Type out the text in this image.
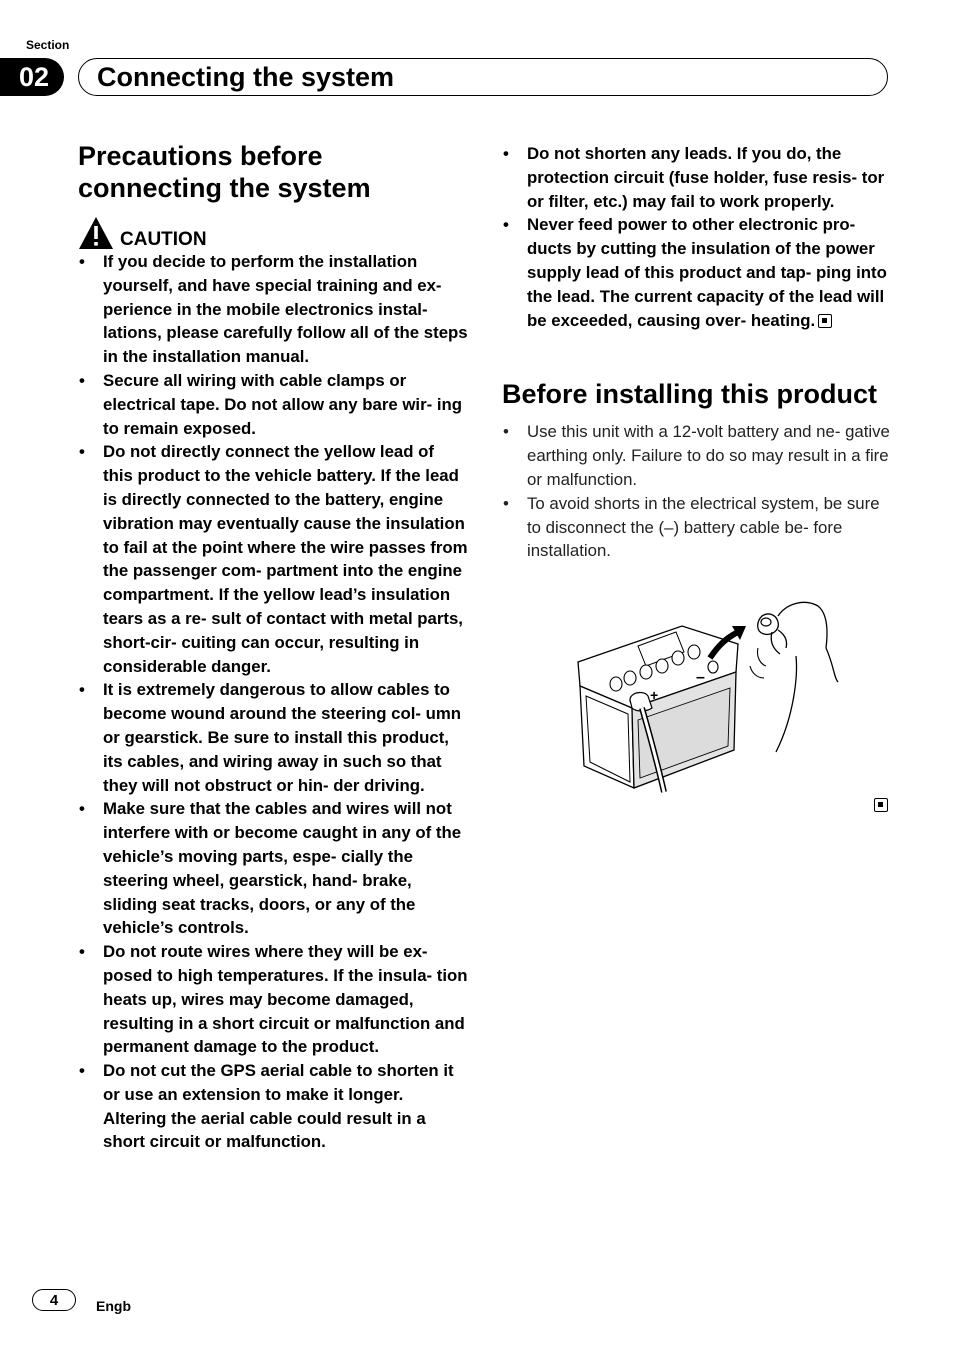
Section
02	Connecting the system
Precautions before
connecting the system
CAUTION
• If you decide to perform the installation yourself, and have special training and ex- perience in the mobile electronics instal- lations, please carefully follow all of the steps in the installation manual.
• Secure all wiring with cable clamps or electrical tape. Do not allow any bare wir- ing to remain exposed.
• Do not directly connect the yellow lead of this product to the vehicle battery. If the lead is directly connected to the battery, engine vibration may eventually cause the insulation to fail at the point where the wire passes from the passenger com- partment into the engine compartment. If the yellow lead’s insulation tears as a re- sult of contact with metal parts, short-cir- cuiting can occur, resulting in considerable danger.
• It is extremely dangerous to allow cables to become wound around the steering col- umn or gearstick. Be sure to install this product, its cables, and wiring away in such so that they will not obstruct or hin- der driving.
• Make sure that the cables and wires will not interfere with or become caught in any of the vehicle’s moving parts, espe- cially the steering wheel, gearstick, hand- brake, sliding seat tracks, doors, or any of the vehicle’s controls.
• Do not route wires where they will be ex- posed to high temperatures. If the insula- tion heats up, wires may become damaged, resulting in a short circuit or malfunction and permanent damage to the product.
• Do not cut the GPS aerial cable to shorten it or use an extension to make it longer. Altering the aerial cable could result in a short circuit or malfunction.
• Do not shorten any leads. If you do, the protection circuit (fuse holder, fuse resis- tor or filter, etc.) may fail to work properly.
• Never feed power to other electronic pro- ducts by cutting the insulation of the power supply lead of this product and tap- ping into the lead. The current capacity of the lead will be exceeded, causing over- heating.
Before installing this product
• Use this unit with a 12-volt battery and ne- gative earthing only. Failure to do so may result in a fire or malfunction.
• To avoid shorts in the electrical system, be sure to disconnect the (–) battery cable be- fore installation.
+
–
4	Engb
